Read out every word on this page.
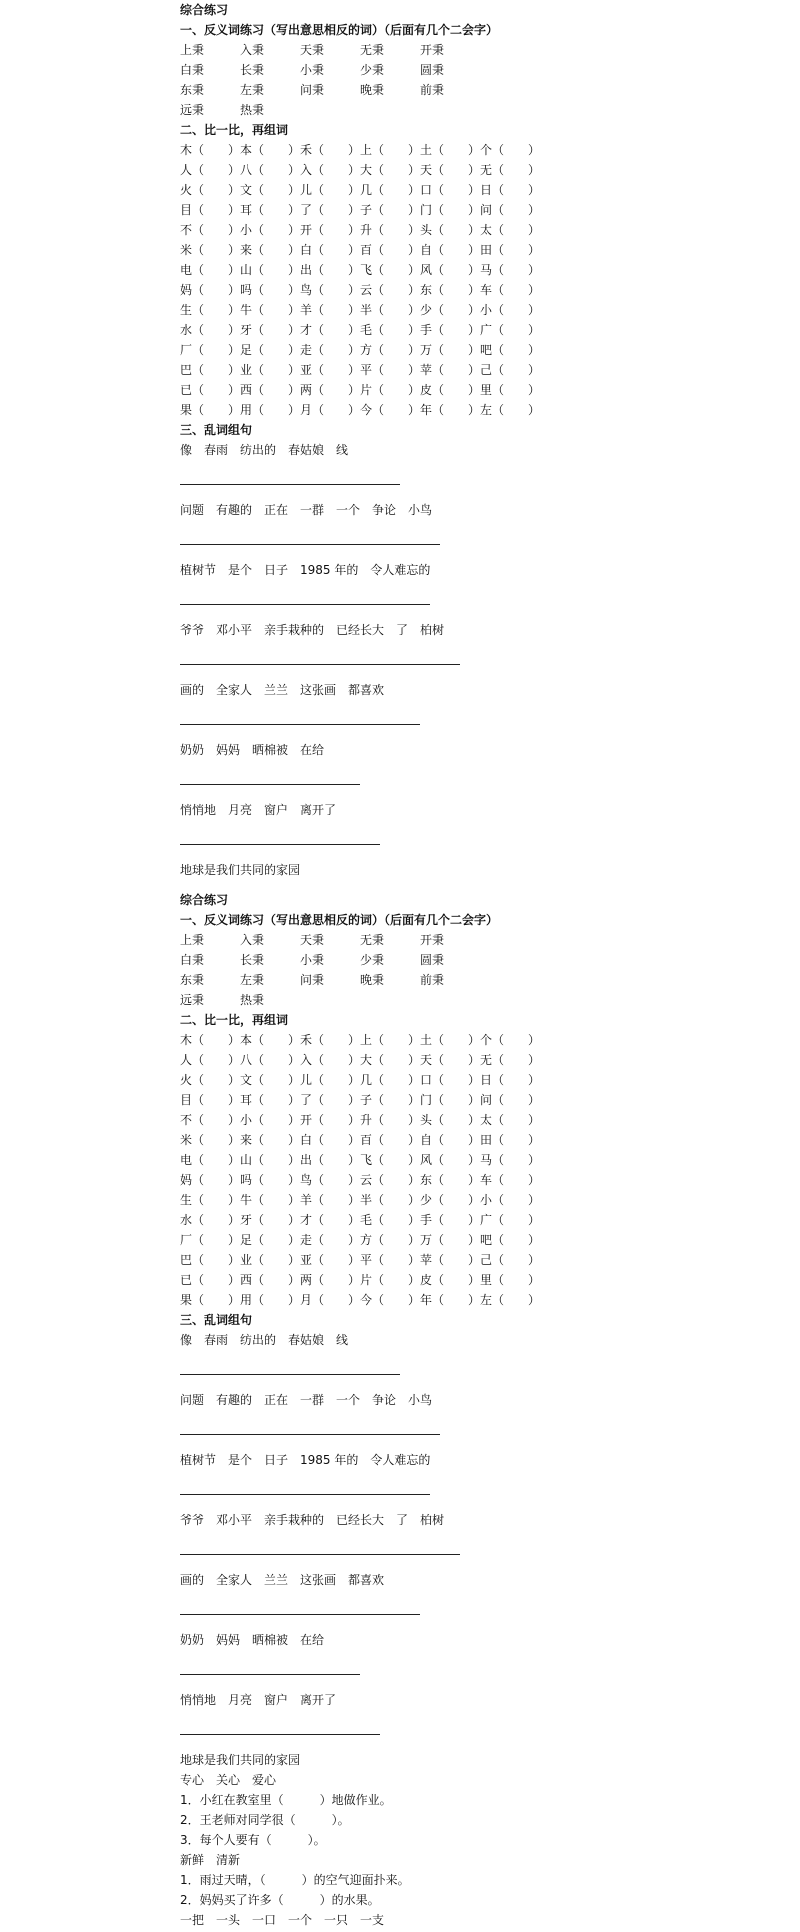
综合练习
一、反义词练习（写出意思相反的词）（后面有几个二会字）
上秉　　　入秉　　　天秉　　　无秉　　　开秉
白秉　　　长秉　　　小秉　　　少秉　　　圆秉
东秉　　　左秉　　　问秉　　　晚秉　　　前秉
远秉　　　热秉
二、比一比，再组词
木（　　）本（　　）禾（　　）上（　　）土（　　）个（　　）
人（　　）八（　　）入（　　）大（　　）天（　　）无（　　）
火（　　）文（　　）儿（　　）几（　　）口（　　）日（　　）
目（　　）耳（　　）了（　　）子（　　）门（　　）问（　　）
不（　　）小（　　）开（　　）升（　　）头（　　）太（　　）
米（　　）来（　　）白（　　）百（　　）自（　　）田（　　）
电（　　）山（　　）出（　　）飞（　　）风（　　）马（　　）
妈（　　）吗（　　）鸟（　　）云（　　）东（　　）车（　　）
生（　　）牛（　　）羊（　　）半（　　）少（　　）小（　　）
水（　　）牙（　　）才（　　）毛（　　）手（　　）广（　　）
厂（　　）足（　　）走（　　）方（　　）万（　　）吧（　　）
巴（　　）业（　　）亚（　　）平（　　）苹（　　）己（　　）
已（　　）西（　　）两（　　）片（　　）皮（　　）里（　　）
果（　　）用（　　）月（　　）今（　　）年（　　）左（　　）
三、乱词组句
像　春雨　纺出的　春姑娘　线
问题　有趣的　正在　一群　一个　争论　小鸟
植树节　是个　日子　1985 年的　令人难忘的
爷爷　邓小平　亲手栽种的　已经长大　了　柏树
画的　全家人　兰兰　这张画　都喜欢
奶奶　妈妈　晒棉被　在给
悄悄地　月亮　窗户　离开了
地球是我们共同的家园
综合练习
一、反义词练习（写出意思相反的词）（后面有几个二会字）
上秉　　　入秉　　　天秉　　　无秉　　　开秉
白秉　　　长秉　　　小秉　　　少秉　　　圆秉
东秉　　　左秉　　　问秉　　　晚秉　　　前秉
远秉　　　热秉
二、比一比，再组词
木（　　）本（　　）禾（　　）上（　　）土（　　）个（　　）
人（　　）八（　　）入（　　）大（　　）天（　　）无（　　）
火（　　）文（　　）儿（　　）几（　　）口（　　）日（　　）
目（　　）耳（　　）了（　　）子（　　）门（　　）问（　　）
不（　　）小（　　）开（　　）升（　　）头（　　）太（　　）
米（　　）来（　　）白（　　）百（　　）自（　　）田（　　）
电（　　）山（　　）出（　　）飞（　　）风（　　）马（　　）
妈（　　）吗（　　）鸟（　　）云（　　）东（　　）车（　　）
生（　　）牛（　　）羊（　　）半（　　）少（　　）小（　　）
水（　　）牙（　　）才（　　）毛（　　）手（　　）广（　　）
厂（　　）足（　　）走（　　）方（　　）万（　　）吧（　　）
巴（　　）业（　　）亚（　　）平（　　）苹（　　）己（　　）
已（　　）西（　　）两（　　）片（　　）皮（　　）里（　　）
果（　　）用（　　）月（　　）今（　　）年（　　）左（　　）
三、乱词组句
像　春雨　纺出的　春姑娘　线
问题　有趣的　正在　一群　一个　争论　小鸟
植树节　是个　日子　1985 年的　令人难忘的
爷爷　邓小平　亲手栽种的　已经长大　了　柏树
画的　全家人　兰兰　这张画　都喜欢
奶奶　妈妈　晒棉被　在给
悄悄地　月亮　窗户　离开了
地球是我们共同的家园
专心　关心　爱心
1．小红在教室里（　　　）地做作业。
2．王老师对同学很（　　　）。
3．每个人要有（　　　）。
新鲜　清新
1．雨过天晴，（　　　）的空气迎面扑来。
2．妈妈买了许多（　　　）的水果。
一把　一头　一口　一个　一只　一支
